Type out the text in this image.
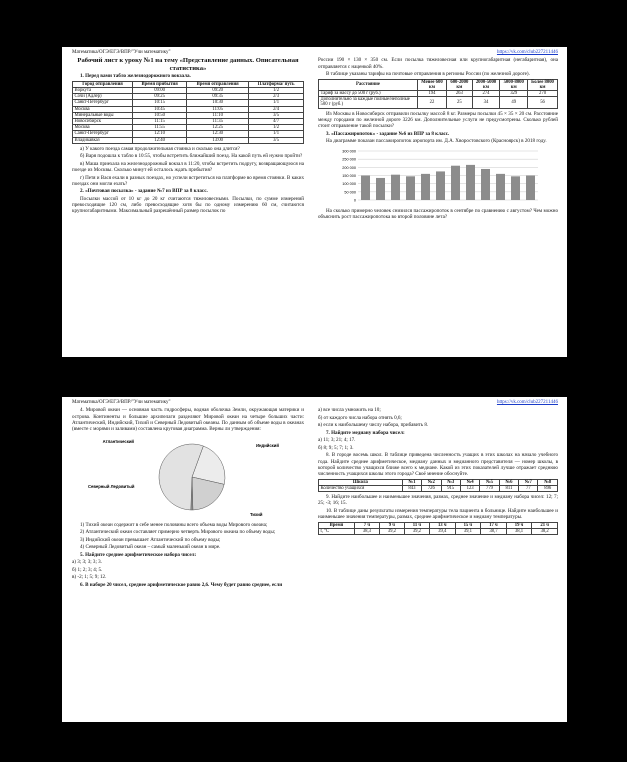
Математика/ОГЭ/ЕГЭ/ВПР/"Учи математику"
Рабочий лист к уроку №1 на тему «Представление данных. Описательная статистика»

1. Перед вами табло железнодорожного вокзала.

Город отправления	Время прибытия	Время отправления	Платформа/ путь
Воркута	09:00	09:20	1/2
Сочи (Адлер)	09:25	09:35	2/3
Санкт-Петербург	10:15	10:30	1/1
Москва	10:45	11:05	2/4
Минеральные воды	10:50	11:10	3/5
Новосибирск	11:15	11:35	4/7
Москва	11:55	12:25	1/2
Санкт-Петербург	12:10	12:30	1/1
Владикавказ	12:40	13:00	3/5

а) У какого поезда самая продолжительная стоянка и сколько она длится?

б) Варя подошла к табло в 10:55, чтобы встретить ближайший поезд. На какой путь ей нужно пройти?

в) Маша приехала на железнодорожный вокзал в 11:20, чтобы встретить подругу, возвращающуюся на поезде из Москвы. Сколько минут ей осталось ждать прибытия?

г) Петя и Вася ехали в разных поездах, но успели встретиться на платформе во время стоянки. В каких поездах они могли ехать?

2. «Почтовая посылка» - задание №7 из ВПР за 8 класс.

Посылки массой от 10 кг до 20 кг считаются тяжеловесными. Посылки, по сумме измерений превосходящие 120 см, либо превосходящие хотя бы по одному измерению 60 см, считаются крупногабаритными. Максимальный разрешённый размер посылок по

https://vk.com/club227211446

России 190 × 130 × 350 см. Если посылка тяжеловесная или крупногабаритная (негабаритная), она отправляется с наценкой 40%.

В таблице указаны тарифы на почтовые отправления в регионы России (по железной дороге).

Расстояние	Менее 600 км	600-2000 км	2000-5000 км	5000-8000 км	Более 8000 км
Тариф за массу до 500 г (руб.)	194	263	274	329	270
Дополнительно за каждые полные/неполные 500 г (руб.)	22	25	34	49	56

Из Москвы в Новосибирск отправили посылку массой 8 кг. Размеры посылки 45 × 35 × 20 см. Расстояние между городами по железной дороге 3226 км. Дополнительные услуги не предусмотрены. Сколько рублей стоит отправление такой посылки?

3. «Пассажиропоток» - задание №6 из ВПР за 8 класс.

На диаграмме показан пассажиропоток аэропорта им. Д.А. Хворостовского (Красноярск) в 2018 году.

300 000
250 000
200 000
150 000
100 000
50 000
0

На сколько примерно человек снизился пассажиропоток в сентябре по сравнению с августом? Чем можно объяснить рост пассажиропотока во второй половине лета?

Математика/ОГЭ/ЕГЭ/ВПР/"Учи математику"

4. Мировой океан — основная часть гидросферы, водная оболочка Земли, окружающая материки и острова. Континенты и большие архипелаги разделяют Мировой океан на четыре больших части: Атлантический, Индийский, Тихий и Северный Ледовитый океаны. По данным об объеме воды в океанах (вместе с морями и заливами) составлена круговая диаграмма. Верны ли утверждения:

Атлантический
Индийский
Северный Ледовитый
Тихий

1) Тихий океан содержит в себе менее половины всего объема воды Мирового океана;

2) Атлантический океан составляет примерно четверть Мирового океана по объему воды;

3) Индийский океан превышает Атлантический по объему воды;

4) Северный Ледовитый океан – самый маленький океан в мире.

5. Найдите среднее арифметическое набора чисел:

а) 3; 3; 3; 3; 3.

б) 1; 2; 3; 4; 5.

в) -2; 1; 5; 9; 12.

6. В наборе 20 чисел, среднее арифметическое равно 2,6. Чему будет равно среднее, если

https://vk.com/club227211446

а) все числа умножить на 10;

б) от каждого числа набора отнять 0,6;

в) если к наибольшему числу набора, прибавить 8.

7. Найдите медиану набора чисел:

а) 11; 3; 21; 4; 17.

б) 8; 9; 5; 7; 1; 3.

8. В городе восемь школ. В таблице приведена численность учащих в этих школах на начало учебного года. Найдите среднее арифметическое, медиану данных и медианного представителя — номер школы, в которой количество учащихся ближе всего к медиане. Какой из этих показателей лучше отражает среднюю численность учащихся школы этого города? Своё мнение обоснуйте.

Школа	№1	№2	№3	№4	№5	№6	№7	№8
Количество учащихся	843	726	915	123	779	811	77	896

9. Найдите наибольшее и наименьшее значения, размах, среднее значение и медиану набора чисел: 12; 7; 25; -3; 16; 15.

10. В таблице даны результаты измерения температуры тела пациента в больнице. Найдите наибольшее и наименьшее значения температуры, размах, среднее арифметическое и медиану температуры.

Время	7 ч	9 ч	11 ч	13 ч	15 ч	17 ч	19 ч	21 ч
t, °С	38,3	39,2	39,2	39,4	39,1	38,7	38,1	38,2
